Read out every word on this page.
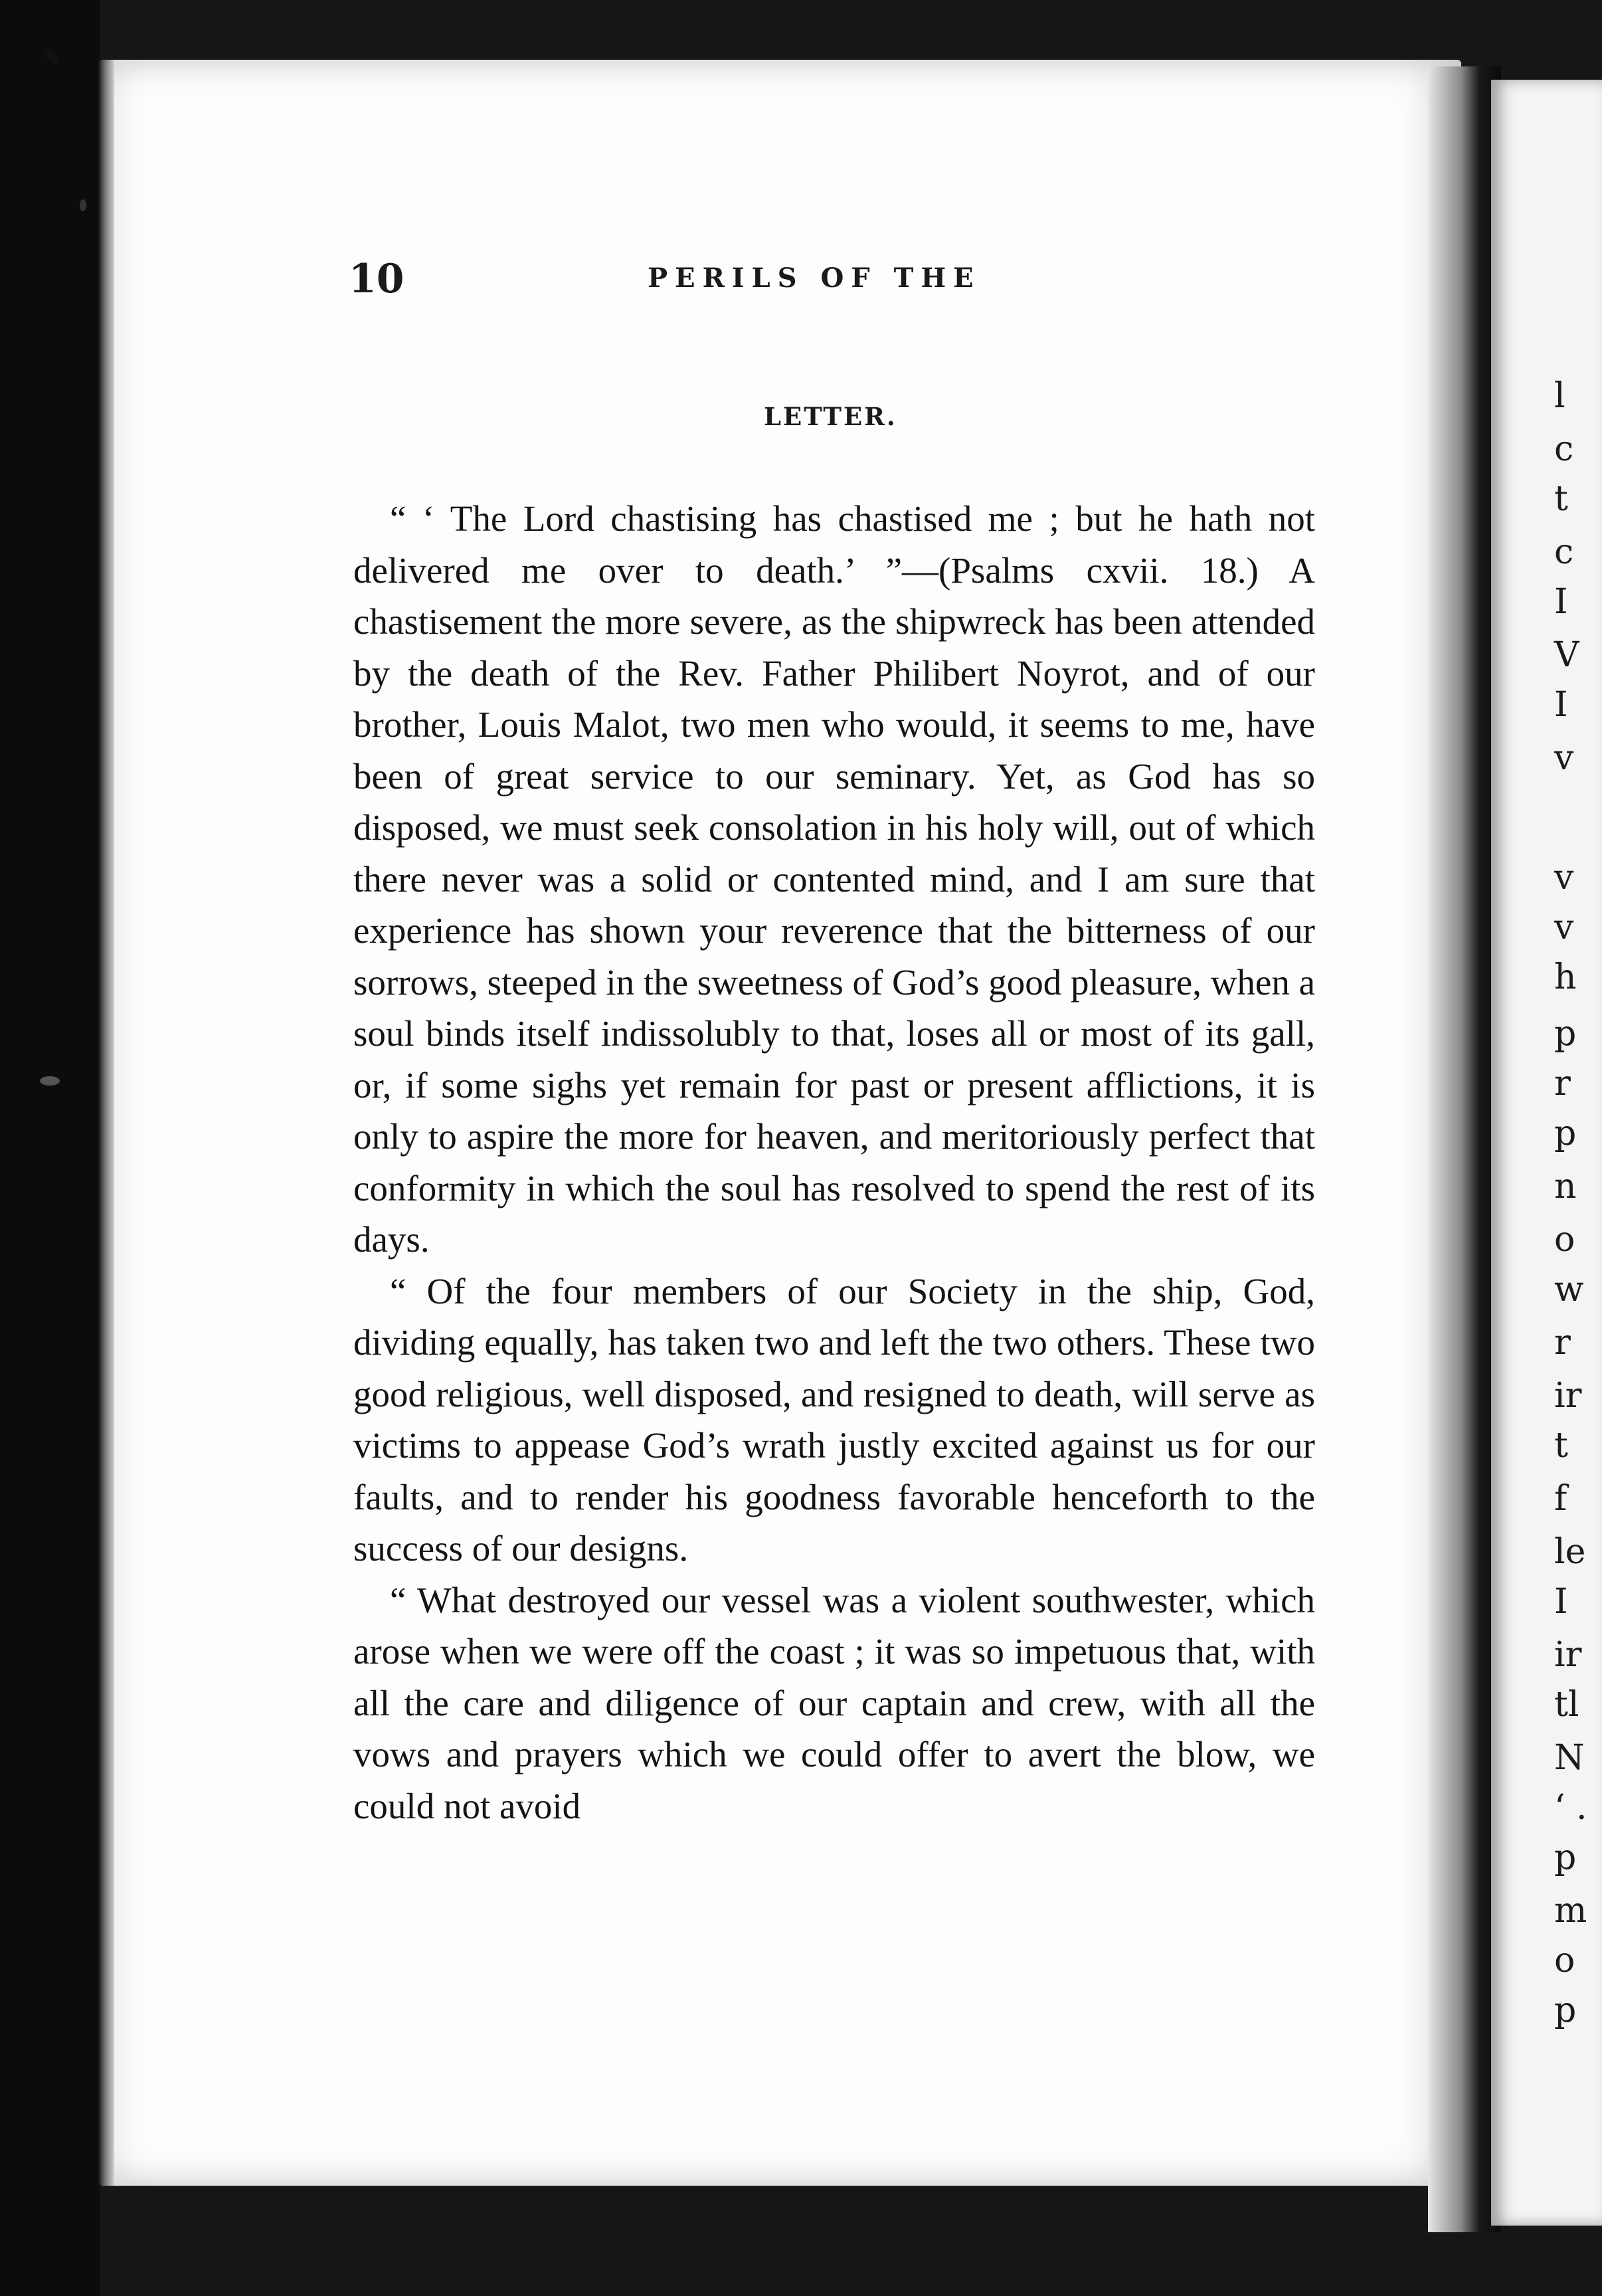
l
c
t
c
I
V
I
v
v
v
h
p
r
p
n
o
w
r
ir
t
f
le
I
ir
tl
N
‘ .
p
m
o
p
10	PERILS OF THE
LETTER.

“ ‘ The Lord chastising has chastised me ; but he hath not delivered me over to death.’ ”—(Psalms cxvii. 18.) A chastisement the more severe, as the shipwreck has been attended by the death of the Rev. Father Philibert Noyrot, and of our brother, Louis Malot, two men who would, it seems to me, have been of great service to our seminary. Yet, as God has so disposed, we must seek consolation in his holy will, out of which there never was a solid or contented mind, and I am sure that experience has shown your reverence that the bitterness of our sorrows, steeped in the sweetness of God’s good pleasure, when a soul binds itself indissolubly to that, loses all or most of its gall, or, if some sighs yet remain for past or present afflictions, it is only to aspire the more for heaven, and meritoriously perfect that conformity in which the soul has resolved to spend the rest of its days.

“ Of the four members of our Society in the ship, God, dividing equally, has taken two and left the two others. These two good religious, well disposed, and resigned to death, will serve as victims to appease God’s wrath justly excited against us for our faults, and to render his goodness favorable henceforth to the success of our designs.

“ What destroyed our vessel was a violent southwester, which arose when we were off the coast ; it was so impetuous that, with all the care and diligence of our captain and crew, with all the vows and prayers which we could offer to avert the blow, we could not avoid
